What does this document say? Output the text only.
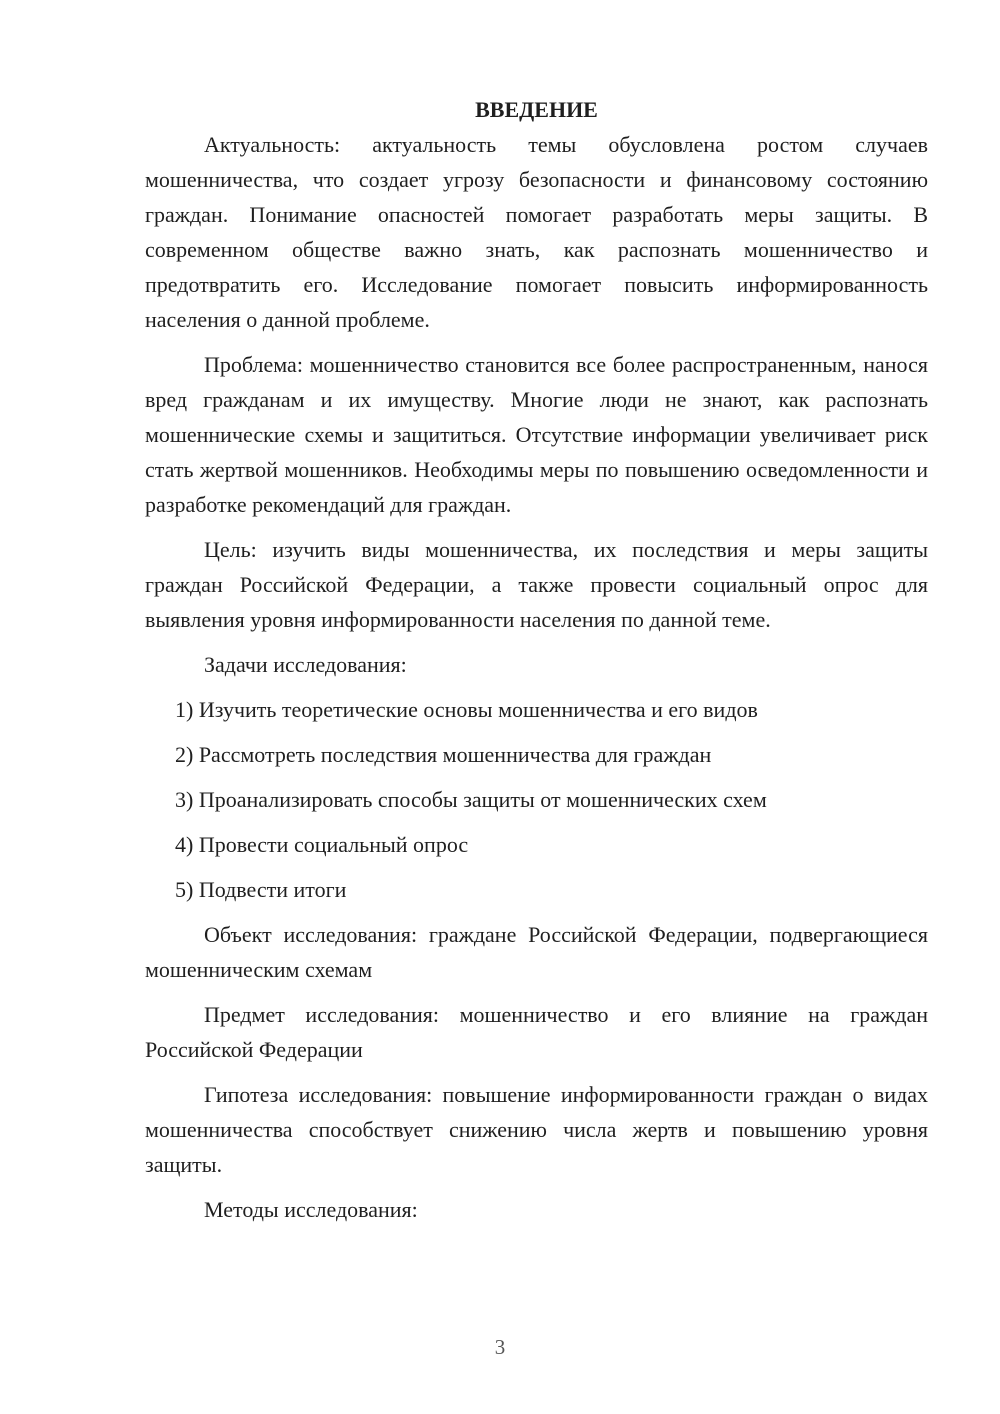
ВВЕДЕНИЕ

Актуальность: актуальность темы обусловлена ростом случаев мошенничества, что создает угрозу безопасности и финансовому состоянию граждан. Понимание опасностей помогает разработать меры защиты. В современном обществе важно знать, как распознать мошенничество и предотвратить его. Исследование помогает повысить информированность населения о данной проблеме.

Проблема: мошенничество становится все более распространенным, нанося вред гражданам и их имуществу. Многие люди не знают, как распознать мошеннические схемы и защититься. Отсутствие информации увеличивает риск стать жертвой мошенников. Необходимы меры по повышению осведомленности и разработке рекомендаций для граждан.

Цель: изучить виды мошенничества, их последствия и меры защиты граждан Российской Федерации, а также провести социальный опрос для выявления уровня информированности населения по данной теме.

Задачи исследования:

1) Изучить теоретические основы мошенничества и его видов
2) Рассмотреть последствия мошенничества для граждан
3) Проанализировать способы защиты от мошеннических схем
4) Провести социальный опрос
5) Подвести итоги

Объект исследования: граждане Российской Федерации, подвергающиеся мошенническим схемам

Предмет исследования: мошенничество и его влияние на граждан Российской Федерации

Гипотеза исследования: повышение информированности граждан о видах мошенничества способствует снижению числа жертв и повышению уровня защиты.

Методы исследования:

3
